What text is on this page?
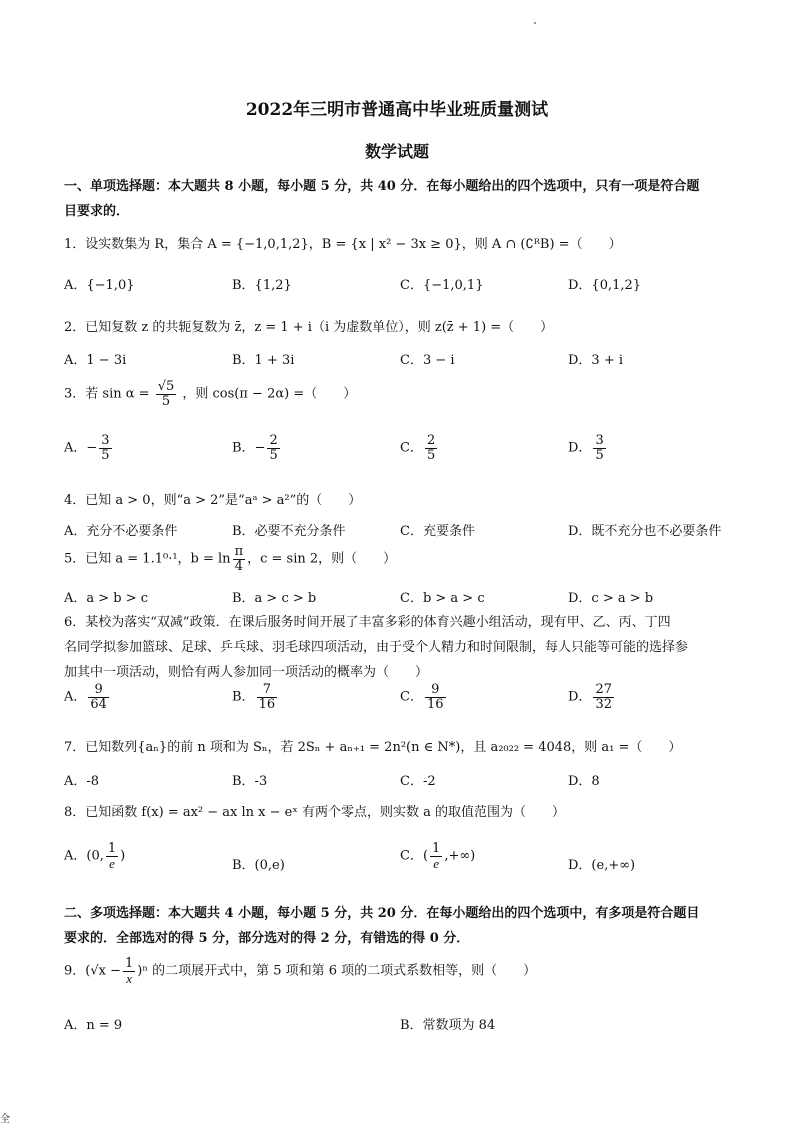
2022年三明市普通高中毕业班质量测试
数学试题
一、单项选择题：本大题共 8 小题，每小题 5 分，共 40 分．在每小题给出的四个选项中，只有一项是符合题
目要求的．
1．设实数集为 R，集合 A = {−1,0,1,2}，B = {x | x² − 3x ≥ 0}，则 A ∩ (∁ᴿB) =（　　）
A．{−1,0}	B．{1,2}	C．{−1,0,1}	D．{0,1,2}
2．已知复数 z 的共轭复数为 z̄，z = 1 + i（i 为虚数单位），则 z(z̄ + 1) =（　　）
A．1 − 3i	B．1 + 3i	C．3 − i	D．3 + i
3．若 $\sin \alpha = \frac{√5}{5}$ ，则 cos(π − 2α) =（　　）
A．− $\frac{3}{5}$	B．− $\frac{2}{5}$	C． $\frac{2}{5}$	D． $\frac{3}{5}$
4．已知 a > 0，则“a > 2”是“aᵃ > a²”的（　　）
A．充分不必要条件	B．必要不充分条件	C．充要条件	D．既不充分也不必要条件
5．已知 a = 1.1⁰·¹，$b = \ln \frac{\pi}{4}$ ，c = sin 2，则（　　）
A．a > b > c	B．a > c > b	C．b > a > c	D．c > a > b
6．某校为落实“双减”政策．在课后服务时间开展了丰富多彩的体育兴趣小组活动，现有甲、乙、丙、丁四
名同学拟参加篮球、足球、乒乓球、羽毛球四项活动，由于受个人精力和时间限制，每人只能等可能的选择参
加其中一项活动，则恰有两人参加同一项活动的概率为（　　）
A． $\frac{9}{64}$	B． $\frac{7}{16}$	C． $\frac{9}{16}$	D． $\frac{27}{32}$
7．已知数列{aₙ}的前 n 项和为 Sₙ，若 2Sₙ + aₙ₊₁ = 2n²(n ∈ N*)，且 a₂₀₂₂ = 4048，则 a₁ =（　　）
A．-8	B．-3	C．-2	D．8
8．已知函数 f(x) = ax² − ax ln x − eˣ 有两个零点，则实数 a 的取值范围为（　　）
A．(0, $\frac{1}{e}$ )
B．(0,e)
C．( $\frac{1}{e}$ ,+∞)
D．(e,+∞)
二、多项选择题：本大题共 4 小题，每小题 5 分，共 20 分．在每小题给出的四个选项中，有多项是符合题目
要求的．全部选对的得 5 分，部分选对的得 2 分，有错选的得 0 分．
9．$(√x - \frac{1}{x} )^n$ 的二项展开式中，第 5 项和第 6 项的二项式系数相等，则（　　）
A．n = 9	B．常数项为 84
全
